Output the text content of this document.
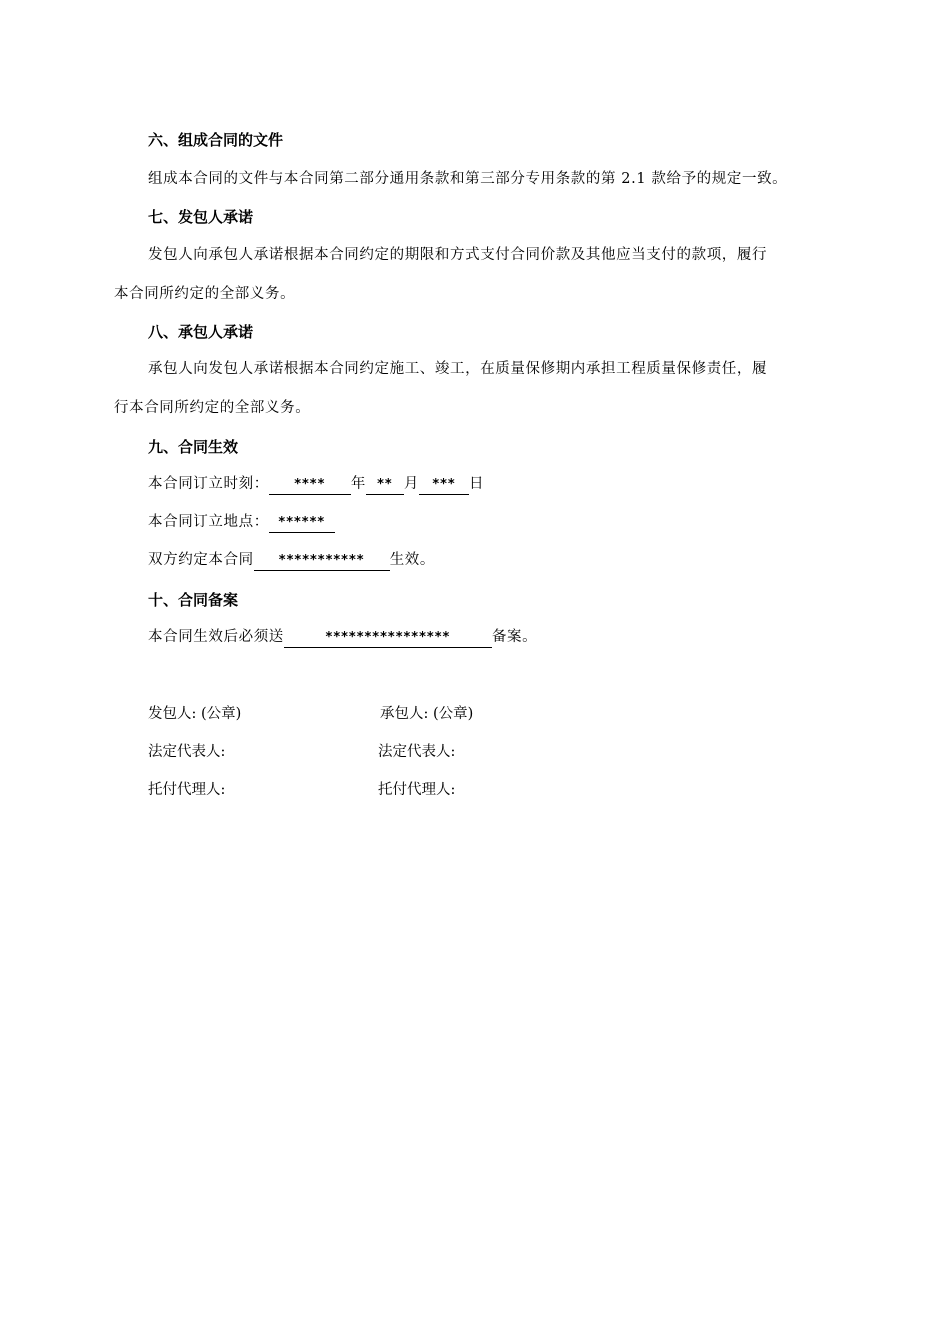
六、组成合同的文件
组成本合同的文件与本合同第二部分通用条款和第三部分专用条款的第 2.1 款给予的规定一致。
七、发包人承诺
发包人向承包人承诺根据本合同约定的期限和方式支付合同价款及其他应当支付的款项，履行
本合同所约定的全部义务。
八、承包人承诺
承包人向发包人承诺根据本合同约定施工、竣工，在质量保修期内承担工程质量保修责任，履
行本合同所约定的全部义务。
九、合同生效
本合同订立时刻： **** 年 ** 月 *** 日
本合同订立地点： ******
双方约定本合同 *********** 生效。
十、合同备案
本合同生效后必须送	****************	备案。
发包人: (公章)	承包人: (公章)
法定代表人:	法定代表人:
托付代理人:	托付代理人:
